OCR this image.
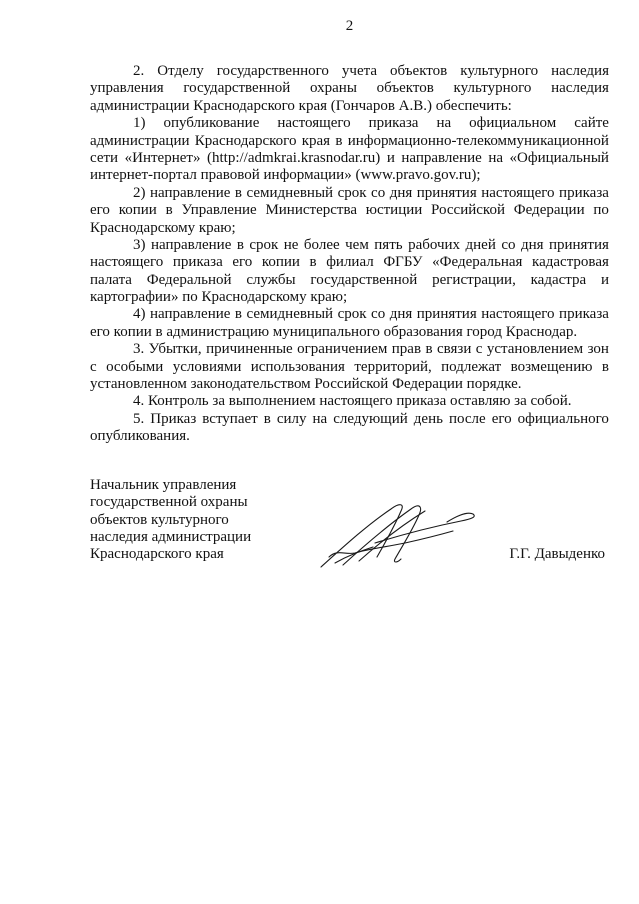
2
2. Отделу государственного учета объектов культурного наследия
управления государственной охраны объектов культурного наследия
администрации Краснодарского края (Гончаров А.В.) обеспечить:
1) опубликование настоящего приказа на официальном сайте
администрации Краснодарского края в информационно-телекоммуникационной
сети «Интернет» (http://admkrai.krasnodar.ru) и направление на «Официальный
интернет-портал правовой информации» (www.pravo.gov.ru);
2) направление в семидневный срок со дня принятия настоящего приказа
его копии в Управление Министерства юстиции Российской Федерации по
Краснодарскому краю;
3) направление в срок не более чем пять рабочих дней со дня принятия
настоящего приказа его копии в филиал ФГБУ «Федеральная кадастровая
палата Федеральной службы государственной регистрации, кадастра и
картографии» по Краснодарскому краю;
4) направление в семидневный срок со дня принятия настоящего приказа
его копии в администрацию муниципального образования город Краснодар.
3. Убытки, причиненные ограничением прав в связи с установлением зон
с особыми условиями использования территорий, подлежат возмещению в
установленном законодательством Российской Федерации порядке.
4. Контроль за выполнением настоящего приказа оставляю за собой.
5. Приказ вступает в силу на следующий день после его официального
опубликования.
Начальник управления
государственной охраны
объектов культурного
наследия администрации
Краснодарского края	Г.Г. Давыденко
